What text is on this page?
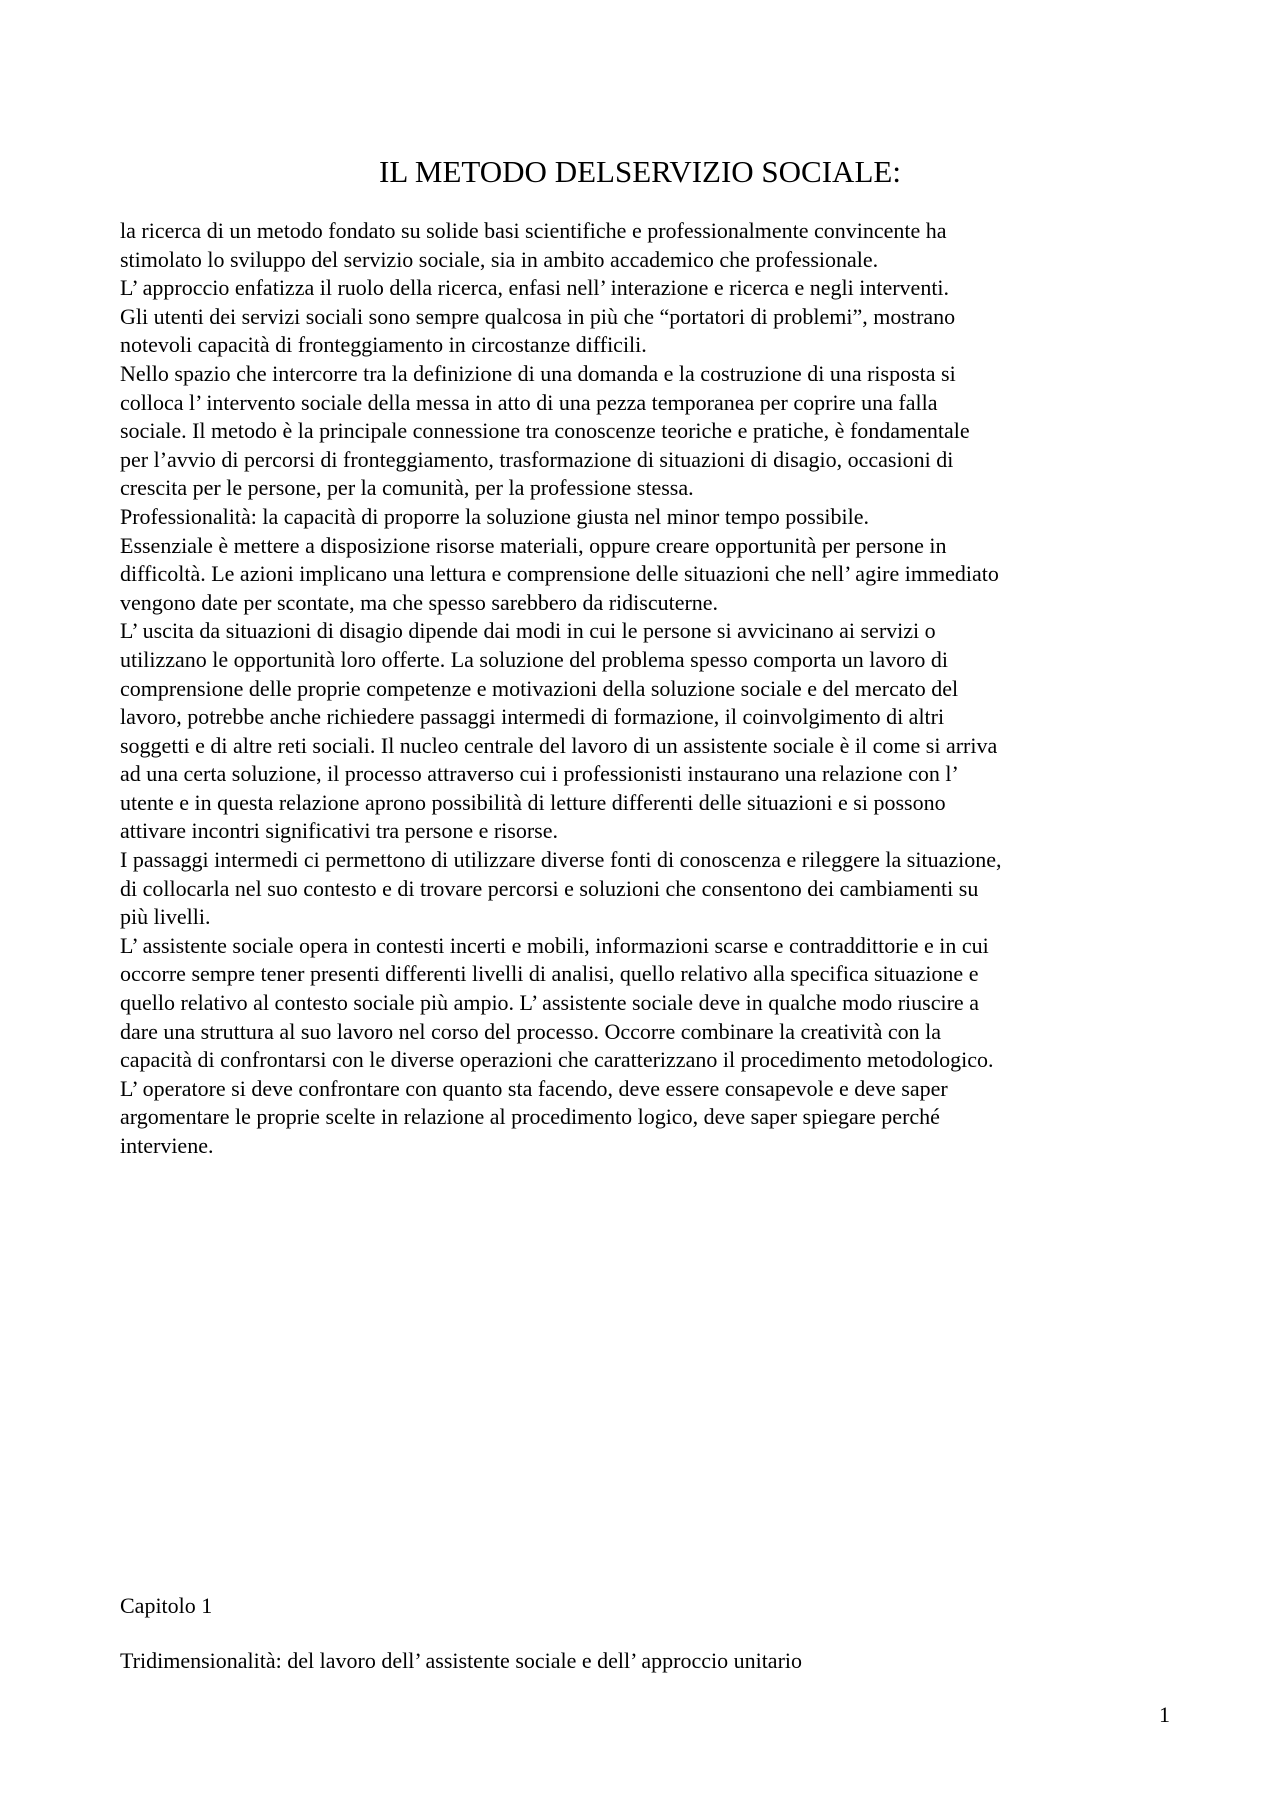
IL METODO DELSERVIZIO SOCIALE:
la ricerca di un metodo fondato su solide basi scientifiche e professionalmente convincente ha
stimolato lo sviluppo del servizio sociale, sia in ambito accademico che professionale.
L’ approccio enfatizza il ruolo della ricerca, enfasi nell’ interazione e ricerca e negli interventi.
Gli utenti dei servizi sociali sono sempre qualcosa in più che “portatori di problemi”, mostrano
notevoli capacità di fronteggiamento in circostanze difficili.
Nello spazio che intercorre tra la definizione di una domanda e la costruzione di una risposta si
colloca l’ intervento sociale della messa in atto di una pezza temporanea per coprire una falla
sociale. Il metodo è la principale connessione tra conoscenze teoriche e pratiche, è fondamentale
per l’avvio di percorsi di fronteggiamento, trasformazione di situazioni di disagio, occasioni di
crescita per le persone, per la comunità, per la professione stessa.
Professionalità: la capacità di proporre la soluzione giusta nel minor tempo possibile.
Essenziale è mettere a disposizione risorse materiali, oppure creare opportunità per persone in
difficoltà. Le azioni implicano una lettura e comprensione delle situazioni che nell’ agire immediato
vengono date per scontate, ma che spesso sarebbero da ridiscuterne.
L’ uscita da situazioni di disagio dipende dai modi in cui le persone si avvicinano ai servizi o
utilizzano le opportunità loro offerte. La soluzione del problema spesso comporta un lavoro di
comprensione delle proprie competenze e motivazioni della soluzione sociale e del mercato del
lavoro, potrebbe anche richiedere passaggi intermedi di formazione, il coinvolgimento di altri
soggetti e di altre reti sociali. Il nucleo centrale del lavoro di un assistente sociale è il come si arriva
ad una certa soluzione, il processo attraverso cui i professionisti instaurano una relazione con l’
utente e in questa relazione aprono possibilità di letture differenti delle situazioni e si possono
attivare incontri significativi tra persone e risorse.
I passaggi intermedi ci permettono di utilizzare diverse fonti di conoscenza e rileggere la situazione,
di collocarla nel suo contesto e di trovare percorsi e soluzioni che consentono dei cambiamenti su
più livelli.
L’ assistente sociale opera in contesti incerti e mobili, informazioni scarse e contraddittorie e in cui
occorre sempre tener presenti differenti livelli di analisi, quello relativo alla specifica situazione e
quello relativo al contesto sociale più ampio. L’ assistente sociale deve in qualche modo riuscire a
dare una struttura al suo lavoro nel corso del processo. Occorre combinare la creatività con la
capacità di confrontarsi con le diverse operazioni che caratterizzano il procedimento metodologico.
L’ operatore si deve confrontare con quanto sta facendo, deve essere consapevole e deve saper
argomentare le proprie scelte in relazione al procedimento logico, deve saper spiegare perché
interviene.

Capitolo 1

Tridimensionalità: del lavoro dell’ assistente sociale e dell’ approccio unitario

1
